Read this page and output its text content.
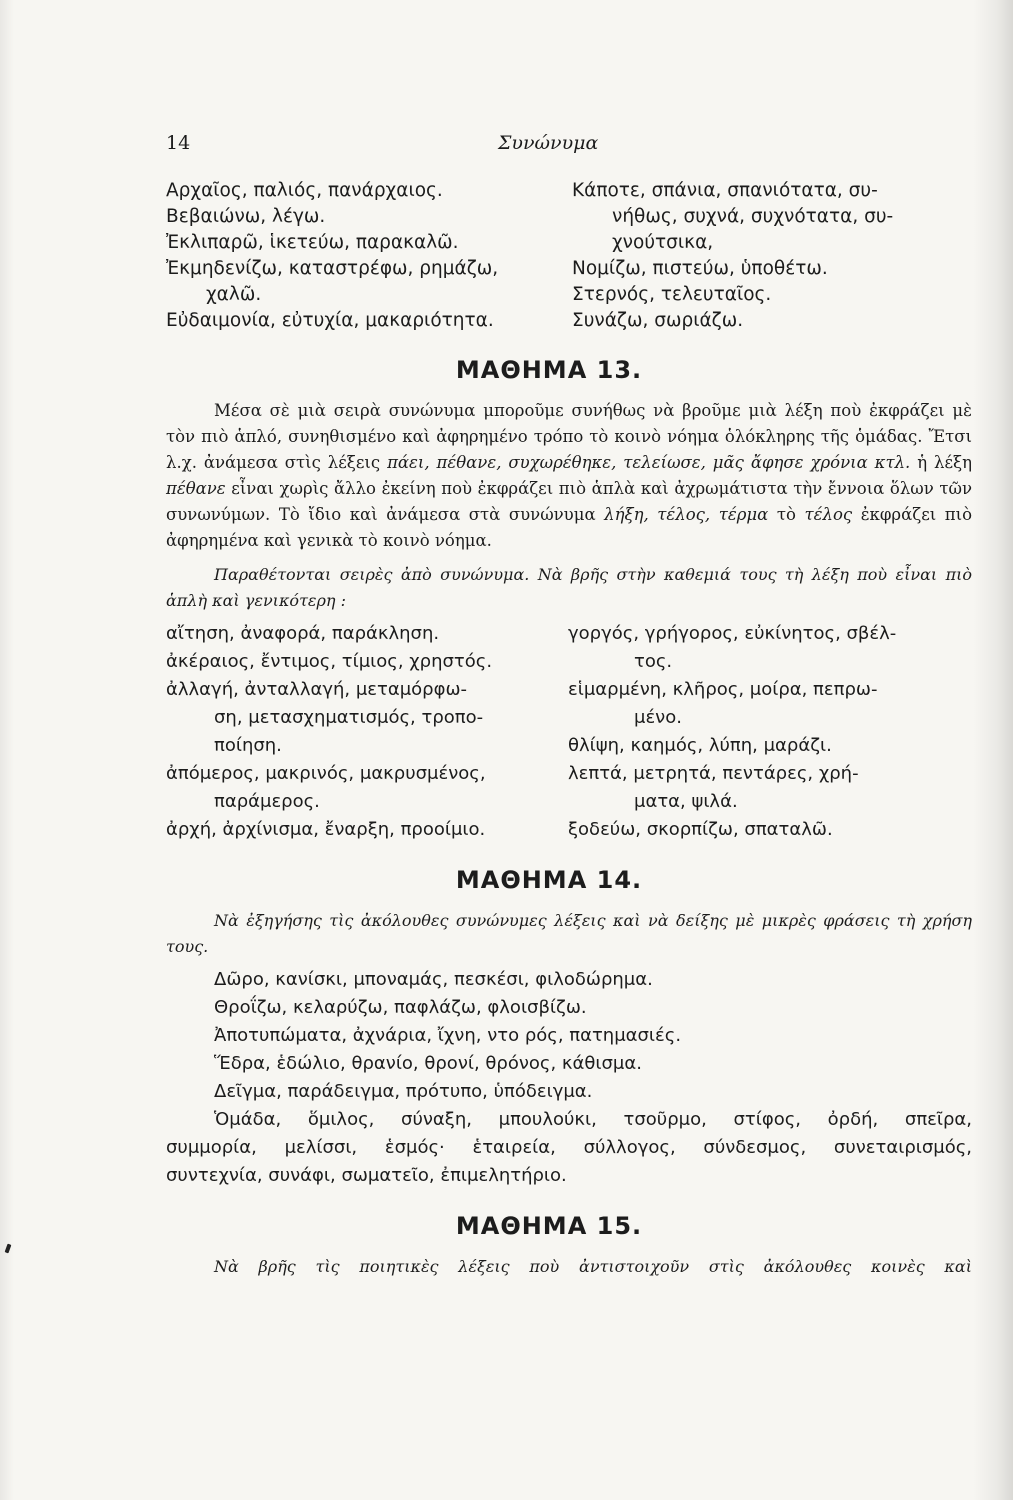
14	Συνώνυμα
Αρχαῖος, παλιός, πανάρχαιος.
Βεβαιώνω, λέγω.
Ἐκλιπαρῶ, ἱκετεύω, παρακαλῶ.
Ἐκμηδενίζω, καταστρέφω, ρημάζω,
χαλῶ.
Εὐδαιμονία, εὐτυχία, μακαριότητα.
Κάποτε, σπάνια, σπανιότατα, συ-
νήθως, συχνά, συχνότατα, συ-
χνούτσικα,
Νομίζω, πιστεύω, ὑποθέτω.
Στερνός, τελευταῖος.
Συνάζω, σωριάζω.
ΜΑΘΗΜΑ 13.

Μέσα σὲ μιὰ σειρὰ συνώνυμα μποροῦμε συνήθως νὰ βροῦμε μιὰ λέξη ποὺ ἐκφράζει μὲ τὸν πιὸ ἁπλό, συνηθισμένο καὶ ἀφηρημένο τρόπο τὸ κοινὸ νόημα ὁλόκληρης τῆς ὁμάδας. Ἔτσι λ.χ. ἀνάμεσα στὶς λέξεις πάει, πέθανε, συχωρέθηκε, τελείωσε, μᾶς ἄφησε χρόνια κτλ. ἡ λέξη πέθανε εἶναι χωρὶς ἄλλο ἐκείνη ποὺ ἐκφράζει πιὸ ἁπλὰ καὶ ἀχρωμάτιστα τὴν ἔννοια ὅλων τῶν συνωνύμων. Τὸ ἴδιο καὶ ἀνάμεσα στὰ συνώνυμα λήξη, τέλος, τέρμα τὸ τέλος ἐκφράζει πιὸ ἀφηρημένα καὶ γενικὰ τὸ κοινὸ νόημα.

Παραθέτονται σειρὲς ἀπὸ συνώνυμα. Νὰ βρῆς στὴν καθεμιά τους τὴ λέξη ποὺ εἶναι πιὸ ἁπλὴ καὶ γενικότερη :

αἴτηση, ἀναφορά, παράκληση.
ἀκέραιος, ἔντιμος, τίμιος, χρηστός.
ἀλλαγή, ἀνταλλαγή, μεταμόρφω-
ση, μετασχηματισμός, τροπο-
ποίηση.
ἀπόμερος, μακρινός, μακρυσμένος,
παράμερος.
ἀρχή, ἀρχίνισμα, ἔναρξη, προοίμιο.
γοργός, γρήγορος, εὐκίνητος, σβέλ-
τος.
εἱμαρμένη, κλῆρος, μοίρα, πεπρω-
μένο.
θλίψη, καημός, λύπη, μαράζι.
λεπτά, μετρητά, πεντάρες, χρή-
ματα, ψιλά.
ξοδεύω, σκορπίζω, σπαταλῶ.
ΜΑΘΗΜΑ 14.

Νὰ ἐξηγήσης τὶς ἀκόλουθες συνώνυμες λέξεις καὶ νὰ δείξης μὲ μικρὲς φράσεις τὴ χρήση τους.

Δῶρο, κανίσκι, μποναμάς, πεσκέσι, φιλοδώρημα.
Θροΐζω, κελαρύζω, παφλάζω, φλοισβίζω.
Ἀποτυπώματα, ἀχνάρια, ἴχνη, ντο ρός, πατημασιές.
Ἕδρα, ἑδώλιο, θρανίο, θρονί, θρόνος, κάθισμα.
Δεῖγμα, παράδειγμα, πρότυπο, ὑπόδειγμα.
Ὁμάδα, ὅμιλος, σύναξη, μπουλούκι, τσοῦρμο, στίφος, ὀρδή, σπεῖρα,
συμμορία, μελίσσι, ἑσμός· ἑταιρεία, σύλλογος, σύνδεσμος, συνεταιρισμός,
συντεχνία, συνάφι, σωματεῖο, ἐπιμελητήριο.
ΜΑΘΗΜΑ 15.

Νὰ βρῆς τὶς ποιητικὲς λέξεις ποὺ ἀντιστοιχοῦν στὶς ἀκόλουθες κοινὲς καὶ
